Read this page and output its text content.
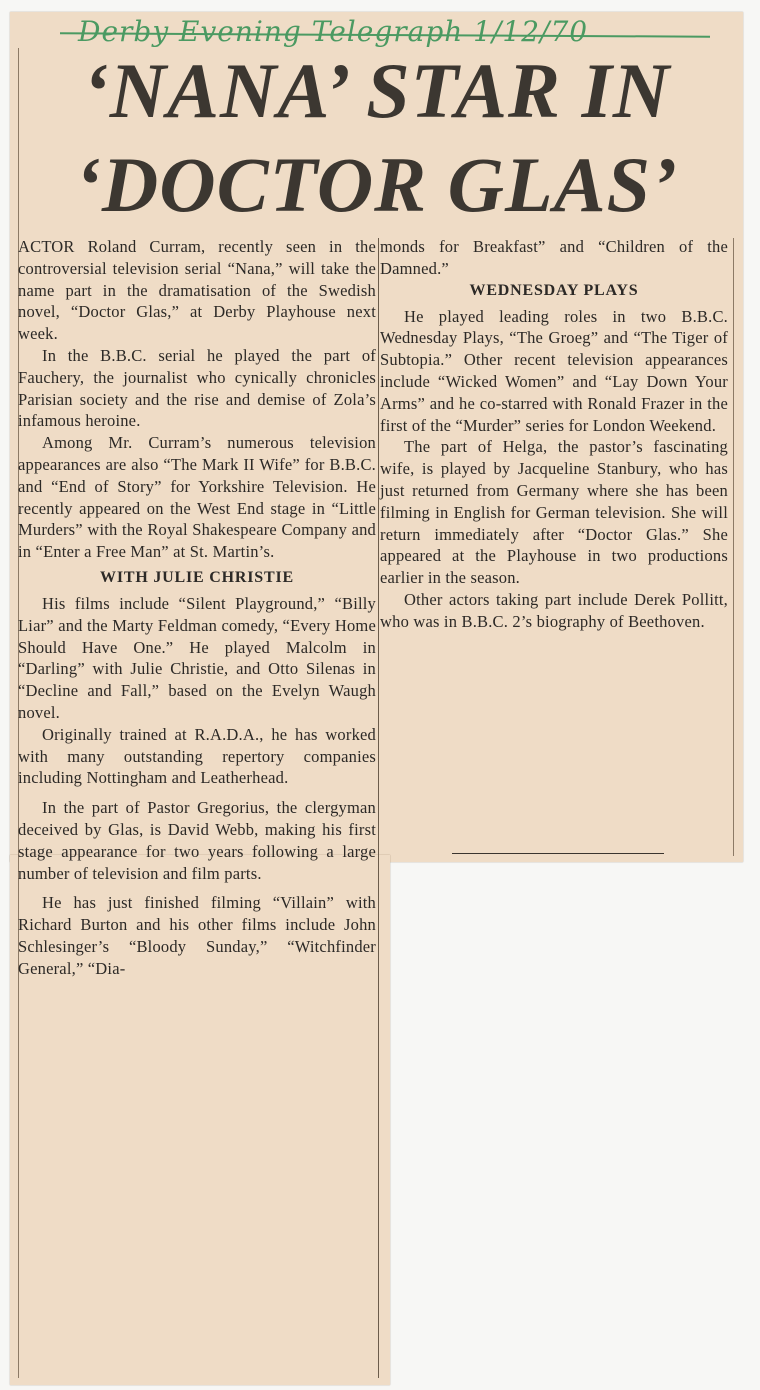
Derby Evening Telegraph 1/12/70
‘NANA’ STAR IN
‘DOCTOR GLAS’

ACTOR Roland Curram, recently seen in the controversial television serial “Nana,” will take the name part in the dramatisation of the Swedish novel, “Doctor Glas,” at Derby Playhouse next week.

In the B.B.C. serial he played the part of Fauchery, the journalist who cynically chronicles Parisian society and the rise and demise of Zola’s infamous heroine.

Among Mr. Curram’s numerous television appearances are also “The Mark II Wife” for B.B.C. and “End of Story” for Yorkshire Television. He recently appeared on the West End stage in “Little Murders” with the Royal Shakespeare Company and in “Enter a Free Man” at St. Martin’s.

WITH JULIE CHRISTIE

His films include “Silent Playground,” “Billy Liar” and the Marty Feldman comedy, “Every Home Should Have One.” He played Malcolm in “Darling” with Julie Christie, and Otto Silenas in “Decline and Fall,” based on the Evelyn Waugh novel.

Originally trained at R.A.D.A., he has worked with many outstanding repertory companies including Nottingham and Leatherhead.

In the part of Pastor Gregorius, the clergyman deceived by Glas, is David Webb, making his first stage appearance for two years following a large number of television and film parts.

He has just finished filming “Villain” with Richard Burton and his other films include John Schlesinger’s “Bloody Sunday,” “Witchfinder General,” “Dia-

monds for Breakfast” and “Children of the Damned.”

WEDNESDAY PLAYS

He played leading roles in two B.B.C. Wednesday Plays, “The Groeg” and “The Tiger of Subtopia.” Other recent television appearances include “Wicked Women” and “Lay Down Your Arms” and he co-starred with Ronald Frazer in the first of the “Murder” series for London Weekend.

The part of Helga, the pastor’s fascinating wife, is played by Jacqueline Stanbury, who has just returned from Germany where she has been filming in English for German television. She will return immediately after “Doctor Glas.” She appeared at the Playhouse in two productions earlier in the season.

Other actors taking part include Derek Pollitt, who was in B.B.C. 2’s biography of Beethoven.
